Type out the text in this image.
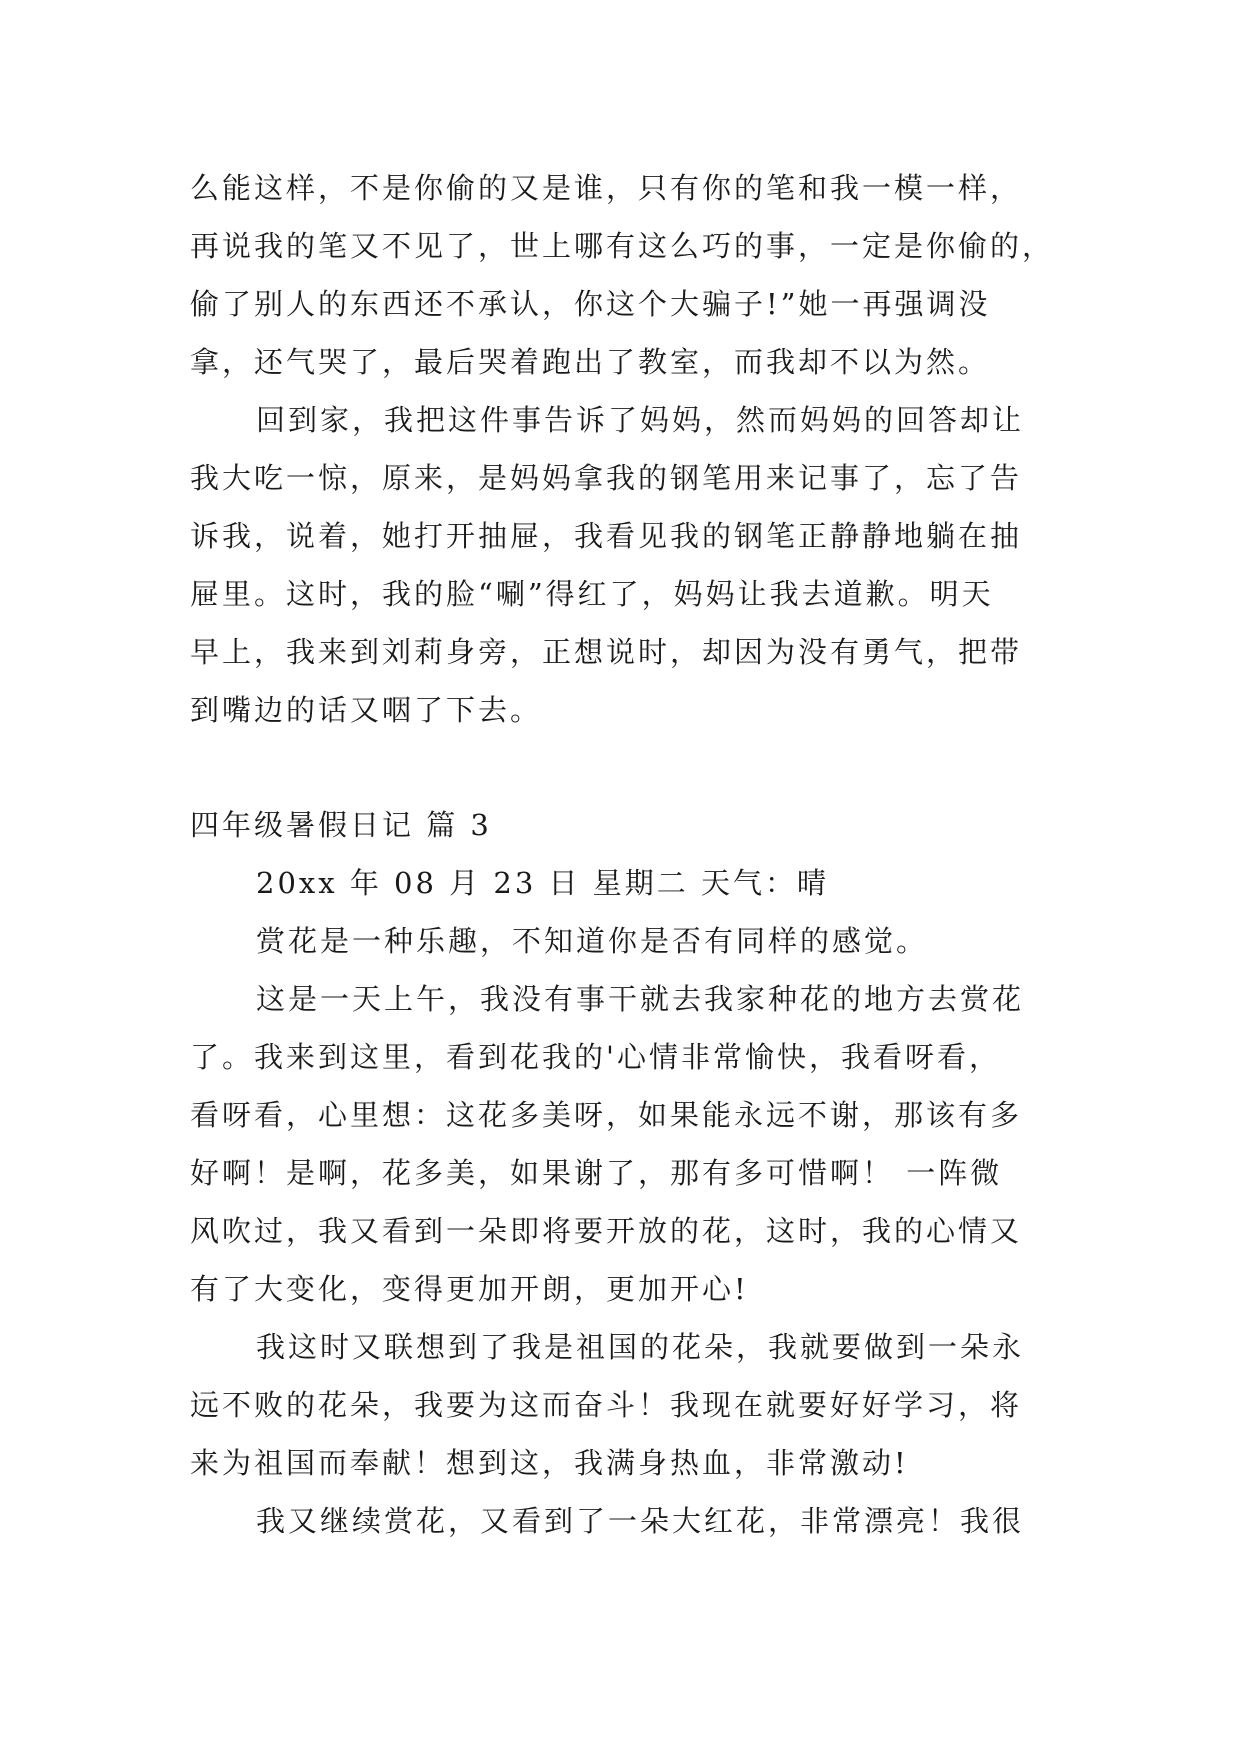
么能这样，不是你偷的又是谁，只有你的笔和我一模一样，
再说我的笔又不见了，世上哪有这么巧的事，一定是你偷的，
偷了别人的东西还不承认，你这个大骗子!”她一再强调没
拿，还气哭了，最后哭着跑出了教室，而我却不以为然。
回到家，我把这件事告诉了妈妈，然而妈妈的回答却让
我大吃一惊，原来，是妈妈拿我的钢笔用来记事了，忘了告
诉我，说着，她打开抽屉，我看见我的钢笔正静静地躺在抽
屉里。这时，我的脸“唰”得红了，妈妈让我去道歉。明天
早上，我来到刘莉身旁，正想说时，却因为没有勇气，把带
到嘴边的话又咽了下去。
四年级暑假日记 篇 3
20xx 年 08 月 23 日 星期二 天气：晴
赏花是一种乐趣，不知道你是否有同样的感觉。
这是一天上午，我没有事干就去我家种花的地方去赏花
了。我来到这里，看到花我的'心情非常愉快，我看呀看，
看呀看，心里想：这花多美呀，如果能永远不谢，那该有多
好啊！是啊，花多美，如果谢了，那有多可惜啊！ 一阵微
风吹过，我又看到一朵即将要开放的花，这时，我的心情又
有了大变化，变得更加开朗，更加开心!
我这时又联想到了我是祖国的花朵，我就要做到一朵永
远不败的花朵，我要为这而奋斗！我现在就要好好学习，将
来为祖国而奉献！想到这，我满身热血，非常激动!
我又继续赏花，又看到了一朵大红花，非常漂亮！我很
